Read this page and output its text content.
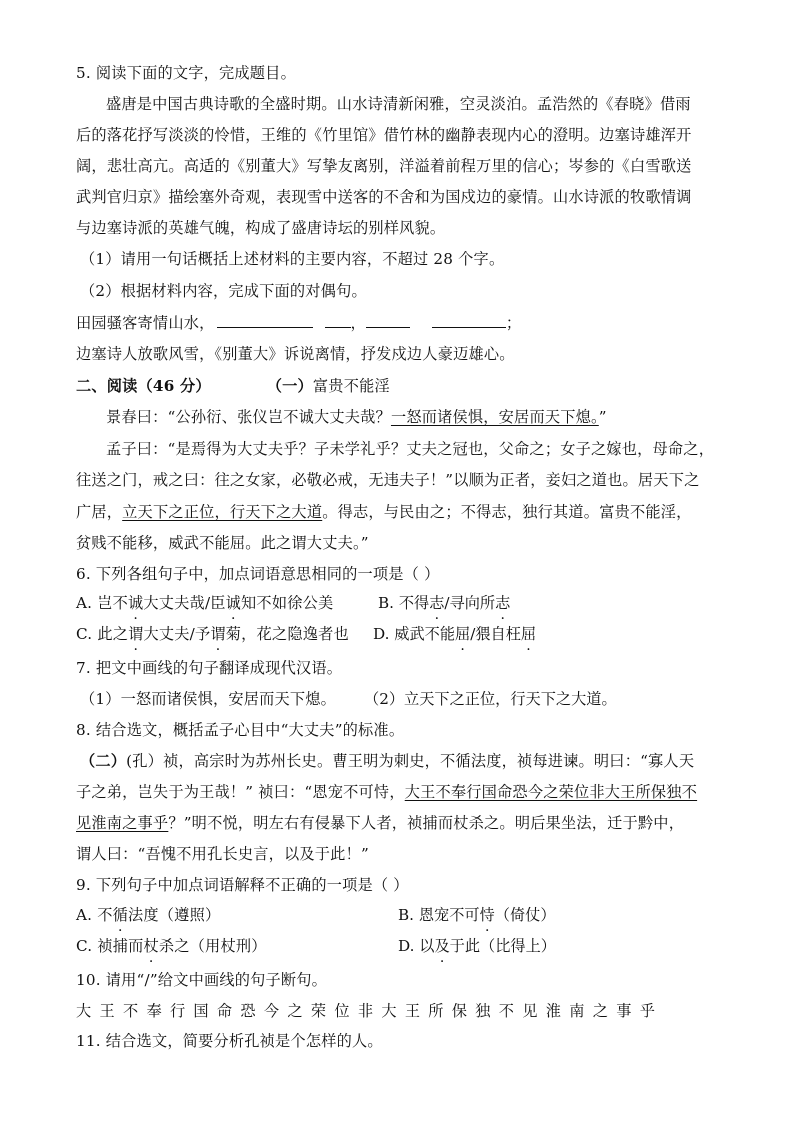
5. 阅读下面的文字，完成题目。
盛唐是中国古典诗歌的全盛时期。山水诗清新闲雅，空灵淡泊。孟浩然的《春晓》借雨
后的落花抒写淡淡的怜惜，王维的《竹里馆》借竹林的幽静表现内心的澄明。边塞诗雄浑开
阔，悲壮高亢。高适的《别董大》写挚友离别，洋溢着前程万里的信心；岑参的《白雪歌送
武判官归京》描绘塞外奇观，表现雪中送客的不舍和为国戍边的豪情。山水诗派的牧歌情调
与边塞诗派的英雄气魄，构成了盛唐诗坛的别样风貌。
（1）请用一句话概括上述材料的主要内容，不超过 28 个字。
（2）根据材料内容，完成下面的对偶句。
田园骚客寄情山水，	，	；
边塞诗人放歌风雪，《别董大》诉说离情，抒发戍边人豪迈雄心。
二、阅读（46 分）	（一）富贵不能淫
景春曰：“公孙衍、张仪岂不诚大丈夫哉？一怒而诸侯惧，安居而天下熄。”
孟子曰：“是焉得为大丈夫乎？子未学礼乎？丈夫之冠也，父命之；女子之嫁也，母命之，
往送之门，戒之曰：往之女家，必敬必戒，无违夫子！”以顺为正者，妾妇之道也。居天下之
广居，立天下之正位，行天下之大道。得志，与民由之；不得志，独行其道。富贵不能淫，
贫贱不能移，威武不能屈。此之谓大丈夫。”
6. 下列各组句子中，加点词语意思相同的一项是（ ）
A. 岂不诚大丈夫哉/臣诚知不如徐公美	B. 不得志/寻向所志
C. 此之谓大丈夫/予谓菊，花之隐逸者也 D. 威武不能屈/猥自枉屈
7. 把文中画线的句子翻译成现代汉语。
（1）一怒而诸侯惧，安居而天下熄。 （2）立天下之正位，行天下之大道。
8. 结合选文，概括孟子心目中“大丈夫”的标准。
（二）(孔）祯，高宗时为苏州长史。曹王明为刺史，不循法度，祯每进谏。明曰：“寡人天
子之弟，岂失于为王哉！” 祯曰：“恩宠不可恃，大王不奉行国命恐今之荣位非大王所保独不
见淮南之事乎？”明不悦，明左右有侵暴下人者，祯捕而杖杀之。明后果坐法，迁于黔中，
谓人曰：“吾愧不用孔长史言，以及于此！”
9. 下列句子中加点词语解释不正确的一项是（ ）
A. 不循法度（遵照）	B. 恩宠不可恃（倚仗）
C. 祯捕而杖杀之（用杖刑）	D. 以及于此（比得上）
10. 请用“/”给文中画线的句子断句。
大王不奉行国命恐今之荣位非大王所保独不见淮南之事乎
11. 结合选文，简要分析孔祯是个怎样的人。
